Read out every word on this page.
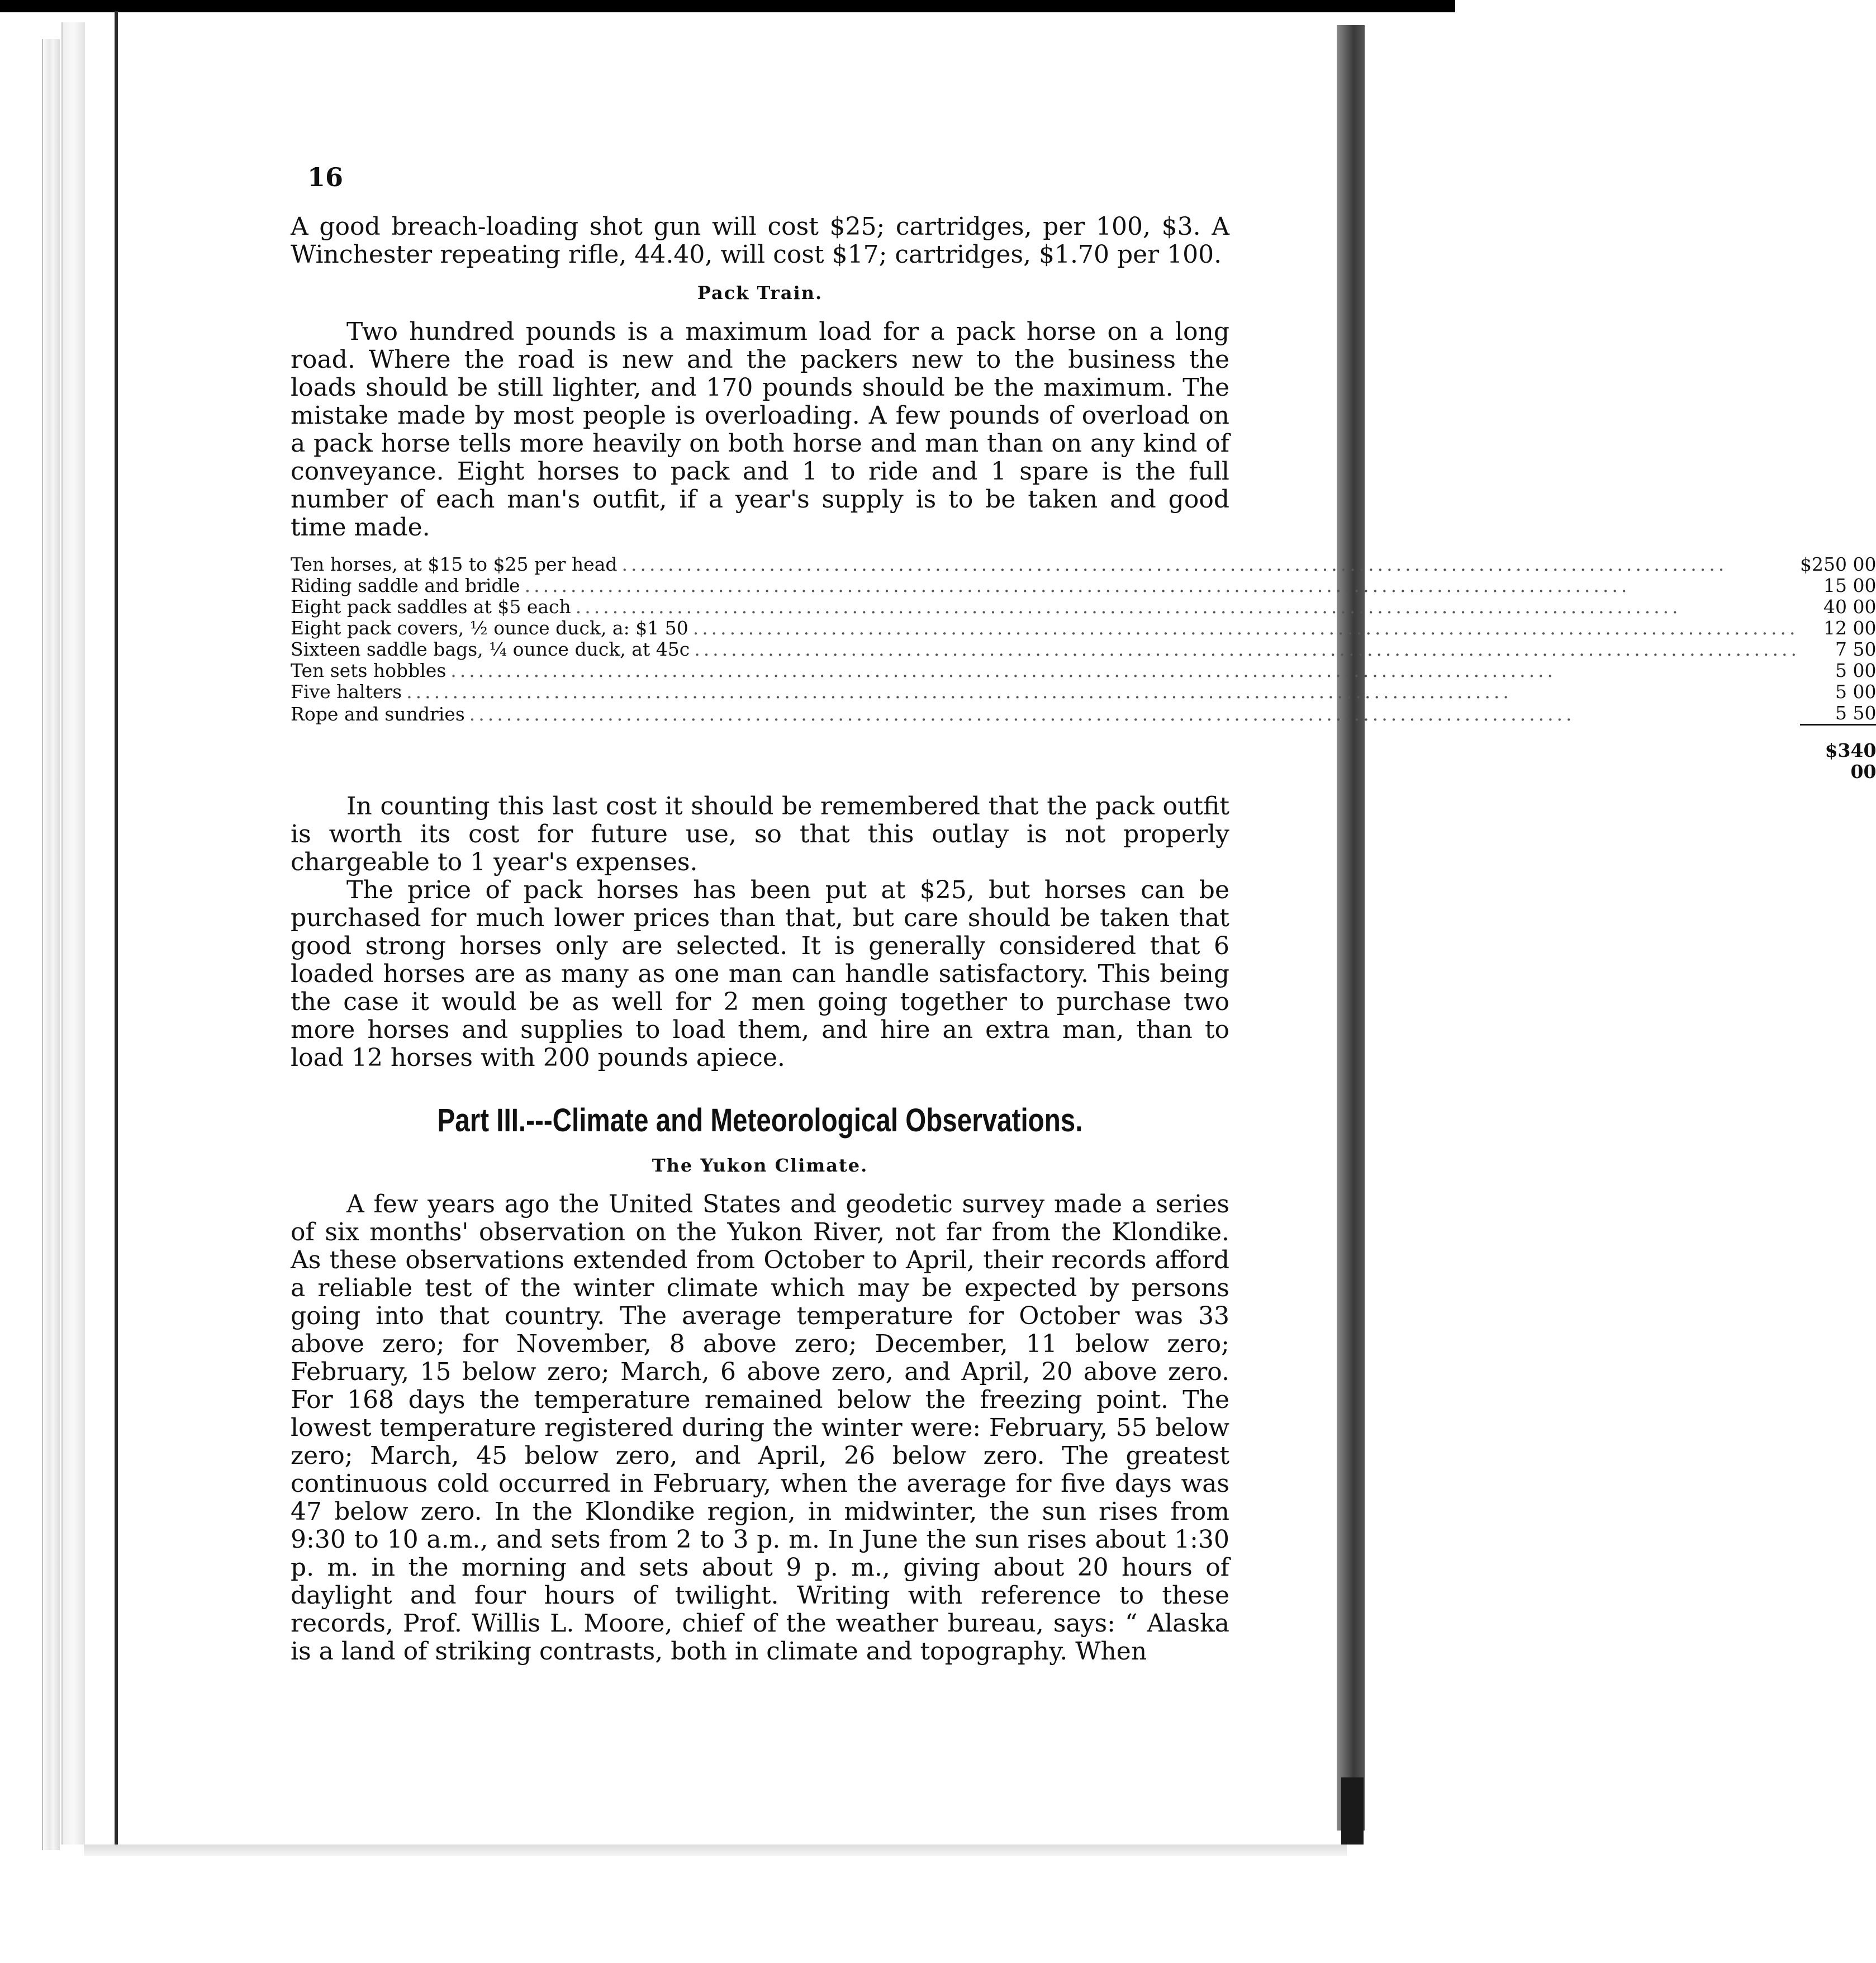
16

A good breach-loading shot gun will cost $25; cartridges, per 100, $3. A Winchester repeating rifle, 44.40, will cost $17; cartridges, $1.70 per 100.

Pack Train.

Two hundred pounds is a maximum load for a pack horse on a long road. Where the road is new and the packers new to the business the loads should be still lighter, and 170 pounds should be the maximum. The mistake made by most people is overloading. A few pounds of overload on a pack horse tells more heavily on both horse and man than on any kind of conveyance. Eight horses to pack and 1 to ride and 1 spare is the full number of each man's outfit, if a year's supply is to be taken and good time made.

Ten horses, at $15 to $25 per head ........................................................................................................................	$250 00
Riding saddle and bridle ........................................................................................................................	15 00
Eight pack saddles at $5 each ........................................................................................................................	40 00
Eight pack covers, ½ ounce duck, a: $1 50 ........................................................................................................................	12 00
Sixteen saddle bags, ¼ ounce duck, at 45c ........................................................................................................................	7 50
Ten sets hobbles ........................................................................................................................	5 00
Five halters ........................................................................................................................	5 00
Rope and sundries ........................................................................................................................	5 50
	$340 00

In counting this last cost it should be remembered that the pack outfit is worth its cost for future use, so that this outlay is not properly chargeable to 1 year's expenses.

The price of pack horses has been put at $25, but horses can be purchased for much lower prices than that, but care should be taken that good strong horses only are selected. It is generally considered that 6 loaded horses are as many as one man can handle satisfactory. This being the case it would be as well for 2 men going together to purchase two more horses and supplies to load them, and hire an extra man, than to load 12 horses with 200 pounds apiece.

Part III.---Climate and Meteorological Observations.
The Yukon Climate.

A few years ago the United States and geodetic survey made a series of six months' observation on the Yukon River, not far from the Klondike. As these observations extended from October to April, their records afford a reliable test of the winter climate which may be expected by persons going into that country. The average temperature for October was 33 above zero; for November, 8 above zero; December, 11 below zero; February, 15 below zero; March, 6 above zero, and April, 20 above zero. For 168 days the temperature remained below the freezing point. The lowest temperature registered during the winter were: February, 55 below zero; March, 45 below zero, and April, 26 below zero. The greatest continuous cold occurred in February, when the average for five days was 47 below zero. In the Klondike region, in midwinter, the sun rises from 9:30 to 10 a.m., and sets from 2 to 3 p. m. In June the sun rises about 1:30 p. m. in the morning and sets about 9 p. m., giving about 20 hours of daylight and four hours of twilight. Writing with reference to these records, Prof. Willis L. Moore, chief of the weather bureau, says: “ Alaska is a land of striking contrasts, both in climate and topography. When
